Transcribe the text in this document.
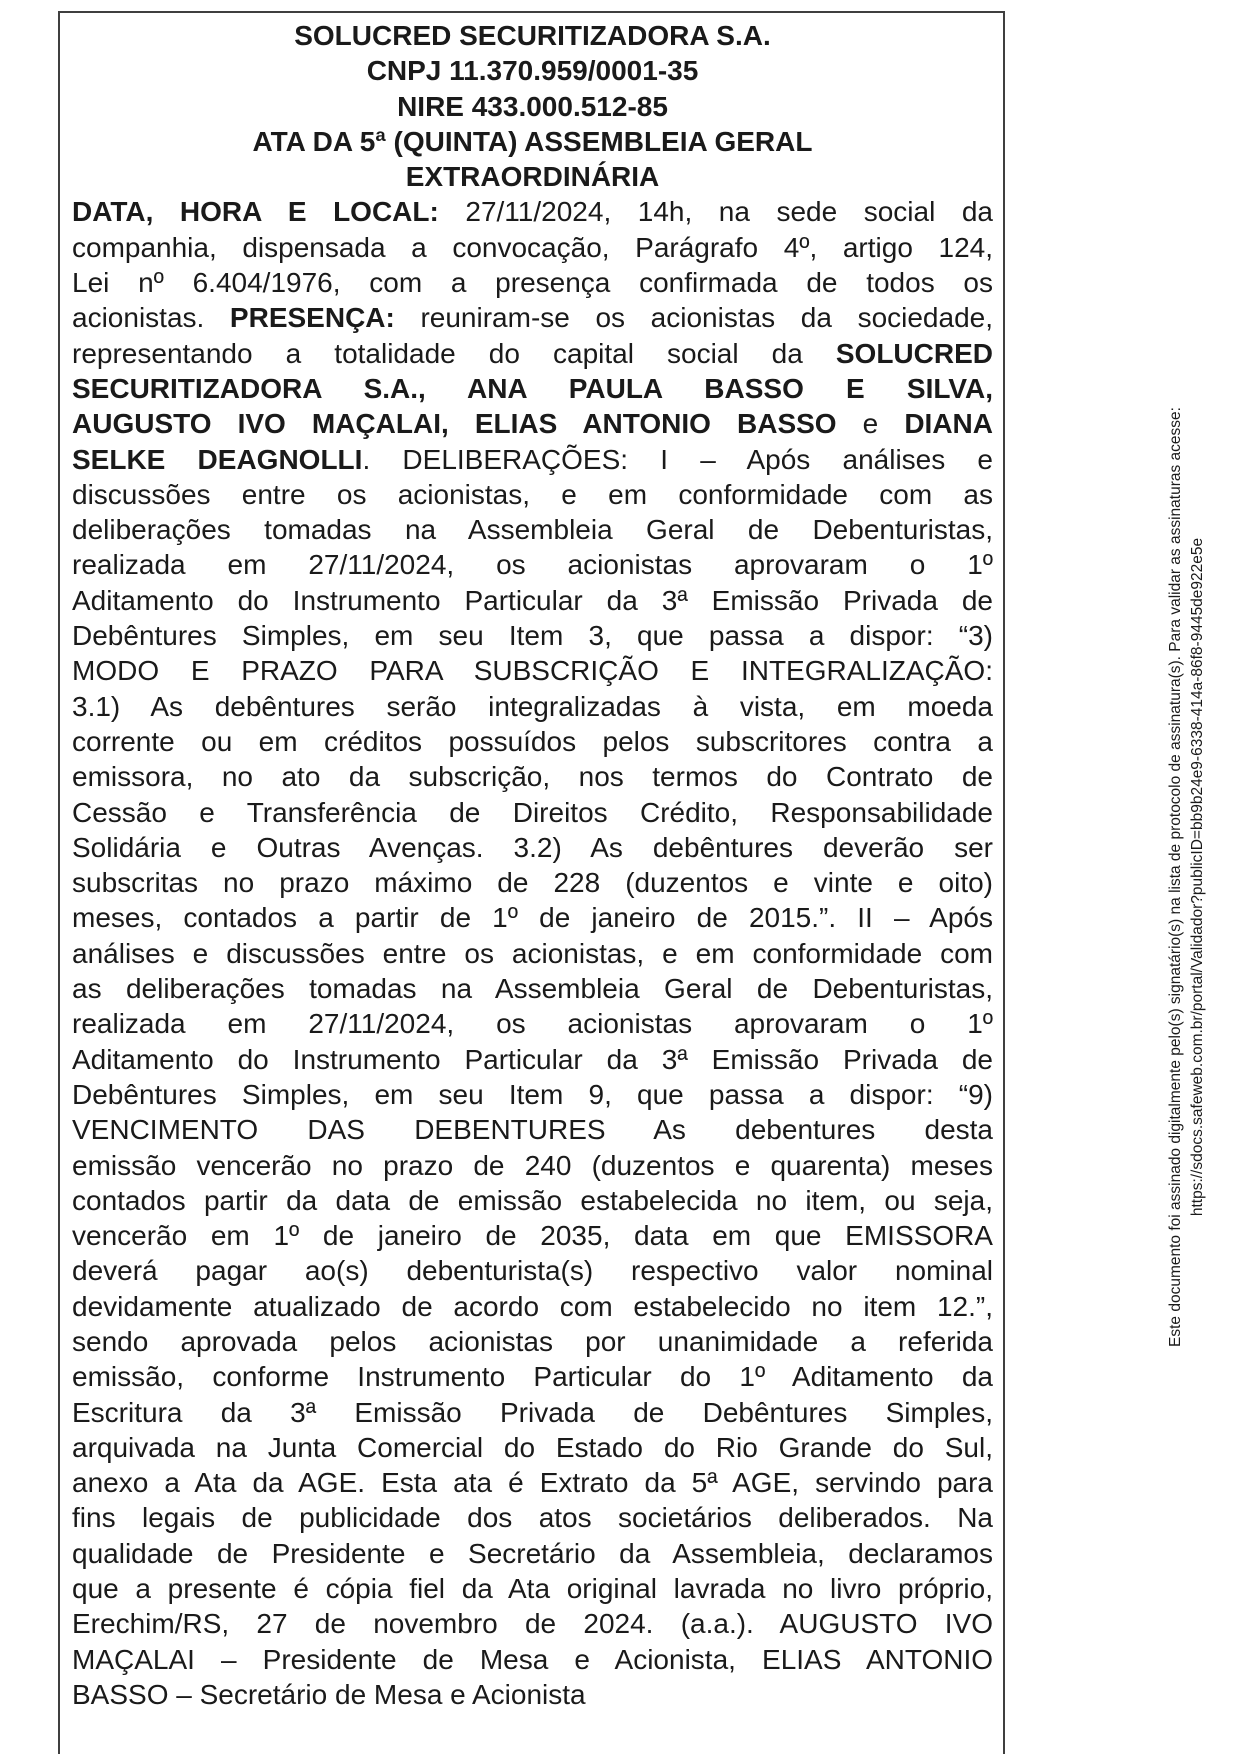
SOLUCRED SECURITIZADORA S.A.
CNPJ 11.370.959/0001-35
NIRE 433.000.512-85
ATA DA 5ª (QUINTA) ASSEMBLEIA GERAL
EXTRAORDINÁRIA
DATA, HORA E LOCAL: 27/11/2024, 14h, na sede social da
companhia, dispensada a convocação, Parágrafo 4º, artigo 124,
Lei nº 6.404/1976, com a presença confirmada de todos os
acionistas. PRESENÇA: reuniram-se os acionistas da sociedade,
representando a totalidade do capital social da SOLUCRED
SECURITIZADORA S.A., ANA PAULA BASSO E SILVA,
AUGUSTO IVO MAÇALAI, ELIAS ANTONIO BASSO e DIANA
SELKE DEAGNOLLI. DELIBERAÇÕES: I – Após análises e
discussões entre os acionistas, e em conformidade com as
deliberações tomadas na Assembleia Geral de Debenturistas,
realizada em 27/11/2024, os acionistas aprovaram o 1º
Aditamento do Instrumento Particular da 3ª Emissão Privada de
Debêntures Simples, em seu Item 3, que passa a dispor: “3)
MODO E PRAZO PARA SUBSCRIÇÃO E INTEGRALIZAÇÃO:
3.1) As debêntures serão integralizadas à vista, em moeda
corrente ou em créditos possuídos pelos subscritores contra a
emissora, no ato da subscrição, nos termos do Contrato de
Cessão e Transferência de Direitos Crédito, Responsabilidade
Solidária e Outras Avenças. 3.2) As debêntures deverão ser
subscritas no prazo máximo de 228 (duzentos e vinte e oito)
meses, contados a partir de 1º de janeiro de 2015.”. II – Após
análises e discussões entre os acionistas, e em conformidade com
as deliberações tomadas na Assembleia Geral de Debenturistas,
realizada em 27/11/2024, os acionistas aprovaram o 1º
Aditamento do Instrumento Particular da 3ª Emissão Privada de
Debêntures Simples, em seu Item 9, que passa a dispor: “9)
VENCIMENTO DAS DEBENTURES As debentures desta
emissão vencerão no prazo de 240 (duzentos e quarenta) meses
contados partir da data de emissão estabelecida no item, ou seja,
vencerão em 1º de janeiro de 2035, data em que EMISSORA
deverá pagar ao(s) debenturista(s) respectivo valor nominal
devidamente atualizado de acordo com estabelecido no item 12.”,
sendo aprovada pelos acionistas por unanimidade a referida
emissão, conforme Instrumento Particular do 1º Aditamento da
Escritura da 3ª Emissão Privada de Debêntures Simples,
arquivada na Junta Comercial do Estado do Rio Grande do Sul,
anexo a Ata da AGE. Esta ata é Extrato da 5ª AGE, servindo para
fins legais de publicidade dos atos societários deliberados. Na
qualidade de Presidente e Secretário da Assembleia, declaramos
que a presente é cópia fiel da Ata original lavrada no livro próprio,
Erechim/RS, 27 de novembro de 2024. (a.a.). AUGUSTO IVO
MAÇALAI – Presidente de Mesa e Acionista, ELIAS ANTONIO
BASSO – Secretário de Mesa e Acionista
Este documento foi assinado digitalmente pelo(s) signatário(s) na lista de protocolo de assinatura(s). Para validar as assinaturas acesse: https://sdocs.safeweb.com.br/portal/Validador?publicID=bb9b24e9-6338-414a-86f8-9445de922e5e
